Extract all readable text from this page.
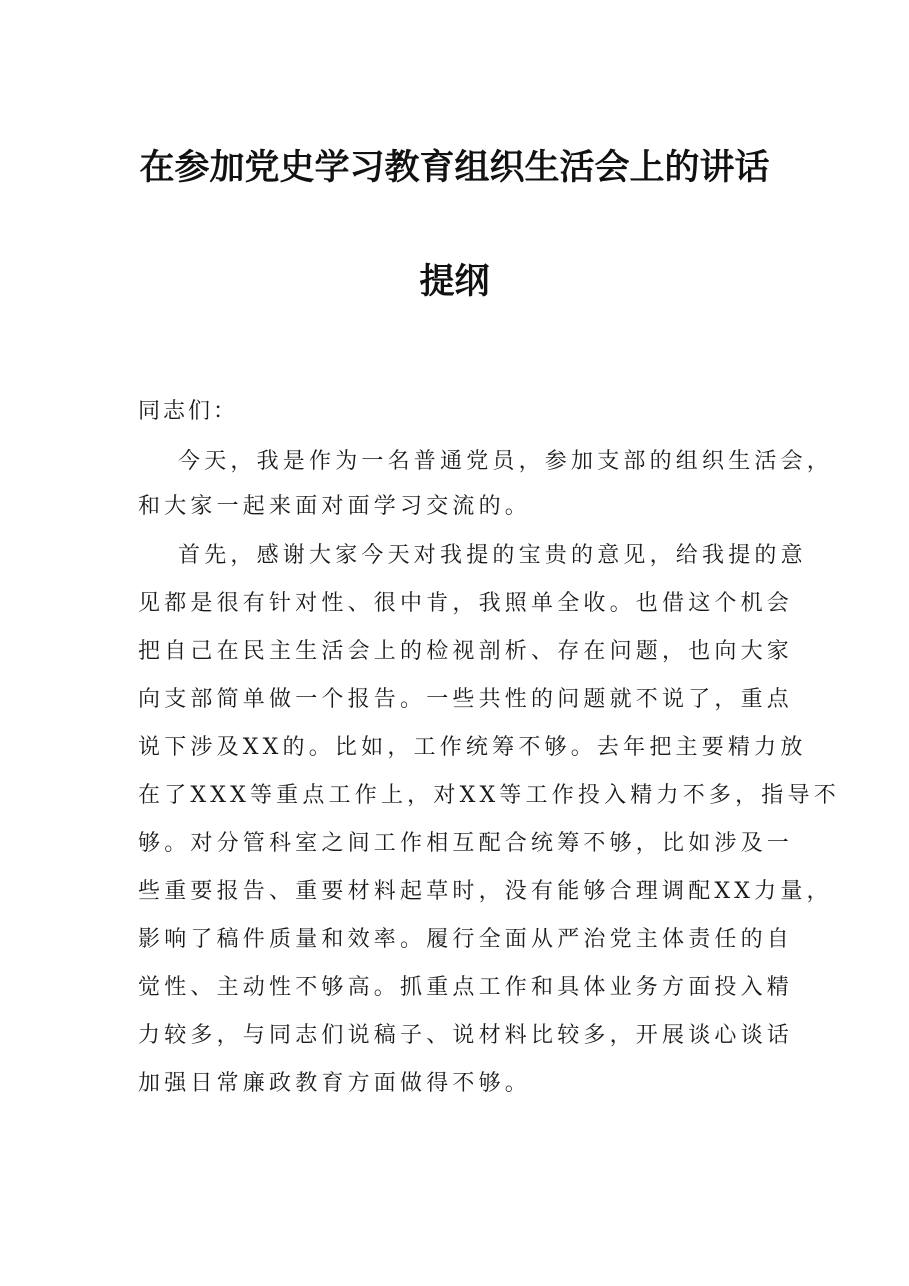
在参加党史学习教育组织生活会上的讲话
提纲
同志们：
今天，我是作为一名普通党员，参加支部的组织生活会，
和大家一起来面对面学习交流的。
首先，感谢大家今天对我提的宝贵的意见，给我提的意
见都是很有针对性、很中肯，我照单全收。也借这个机会
把自己在民主生活会上的检视剖析、存在问题，也向大家
向支部简单做一个报告。一些共性的问题就不说了，重点
说下涉及XX的。比如，工作统筹不够。去年把主要精力放
在了XXX等重点工作上，对XX等工作投入精力不多，指导不
够。对分管科室之间工作相互配合统筹不够，比如涉及一
些重要报告、重要材料起草时，没有能够合理调配XX力量，
影响了稿件质量和效率。履行全面从严治党主体责任的自
觉性、主动性不够高。抓重点工作和具体业务方面投入精
力较多，与同志们说稿子、说材料比较多，开展谈心谈话
加强日常廉政教育方面做得不够。
